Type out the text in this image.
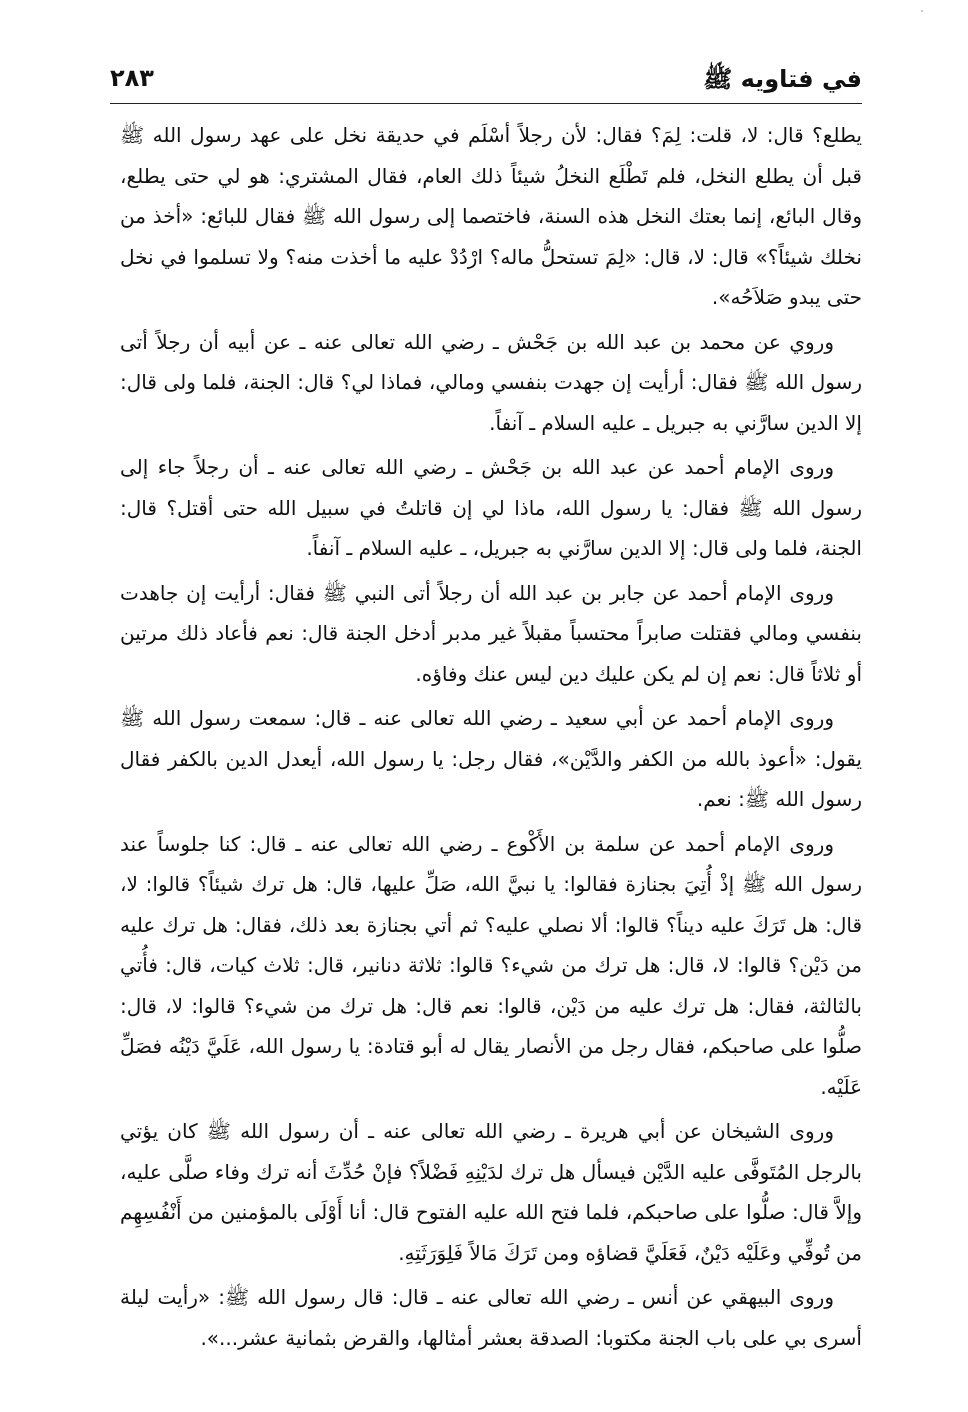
في فتاويه ﷺ
٢٨٣

يطلع؟ قال: لا، قلت: لِمَ؟ فقال: لأن رجلاً أسْلَم في حديقة نخل على عهد رسول الله ﷺ قبل أن يطلع النخل، فلم تَطْلَع النخلُ شيئاً ذلك العام، فقال المشتري: هو لي حتى يطلع، وقال البائع، إنما بعتك النخل هذه السنة، فاختصما إلى رسول الله ﷺ فقال للبائع: «أخذ من نخلك شيئاً؟» قال: لا، قال: «لِمَ تستحلُّ ماله؟ ارْدُدْ عليه ما أخذت منه؟ ولا تسلموا في نخل حتى يبدو صَلاَحُه».

وروي عن محمد بن عبد الله بن جَحْش ـ رضي الله تعالى عنه ـ عن أبيه أن رجلاً أتى رسول الله ﷺ فقال: أرأيت إن جهدت بنفسي ومالي، فماذا لي؟ قال: الجنة، فلما ولى قال: إلا الدين سارَّني به جبريل ـ عليه السلام ـ آنفاً.

وروى الإمام أحمد عن عبد الله بن جَحْش ـ رضي الله تعالى عنه ـ أن رجلاً جاء إلى رسول الله ﷺ فقال: يا رسول الله، ماذا لي إن قاتلتُ في سبيل الله حتى أقتل؟ قال: الجنة، فلما ولى قال: إلا الدين سارَّني به جبريل، ـ عليه السلام ـ آنفاً.

وروى الإمام أحمد عن جابر بن عبد الله أن رجلاً أتى النبي ﷺ فقال: أرأيت إن جاهدت بنفسي ومالي فقتلت صابراً محتسباً مقبلاً غير مدبر أدخل الجنة قال: نعم فأعاد ذلك مرتين أو ثلاثاً قال: نعم إن لم يكن عليك دين ليس عنك وفاؤه.

وروى الإمام أحمد عن أبي سعيد ـ رضي الله تعالى عنه ـ قال: سمعت رسول الله ﷺ يقول: «أعوذ بالله من الكفر والدَّيْن»، فقال رجل: يا رسول الله، أيعدل الدين بالكفر فقال رسول الله ﷺ: نعم.

وروى الإمام أحمد عن سلمة بن الأَكْوع ـ رضي الله تعالى عنه ـ قال: كنا جلوساً عند رسول الله ﷺ إذْ أُتِيَ بجنازة فقالوا: يا نبيَّ الله، صَلِّ عليها، قال: هل ترك شيئاً؟ قالوا: لا، قال: هل تَرَكَ عليه ديناً؟ قالوا: ألا نصلي عليه؟ ثم أتي بجنازة بعد ذلك، فقال: هل ترك عليه من دَيْن؟ قالوا: لا، قال: هل ترك من شيء؟ قالوا: ثلاثة دنانير، قال: ثلاث كيات، قال: فأُتي بالثالثة، فقال: هل ترك عليه من دَيْن، قالوا: نعم قال: هل ترك من شيء؟ قالوا: لا، قال: صلُّوا على صاحبكم، فقال رجل من الأنصار يقال له أبو قتادة: يا رسول الله، عَلَيَّ دَيْنُه فصَلِّ عَلَيْه.

وروى الشيخان عن أبي هريرة ـ رضي الله تعالى عنه ـ أن رسول الله ﷺ كان يؤتي بالرجل المُتَوفَّى عليه الدَّيْن فيسأل هل ترك لدَيْنِهِ فَضْلاً؟ فإنْ حُدِّثَ أنه ترك وفاء صلَّى عليه، وإلاَّ قال: صلُّوا على صاحبكم، فلما فتح الله عليه الفتوح قال: أنا أَوْلَى بالمؤمنين من أَنْفُسِهِم من تُوفِّي وعَلَيْه دَيْنٌ، فَعَلَيَّ قضاؤه ومن تَرَكَ مَالاً فَلِوَرَثَتِهِ.

وروى البيهقي عن أنس ـ رضي الله تعالى عنه ـ قال: قال رسول الله ﷺ: «رأيت ليلة أسرى بي على باب الجنة مكتوبا: الصدقة بعشر أمثالها، والقرض بثمانية عشر...».
